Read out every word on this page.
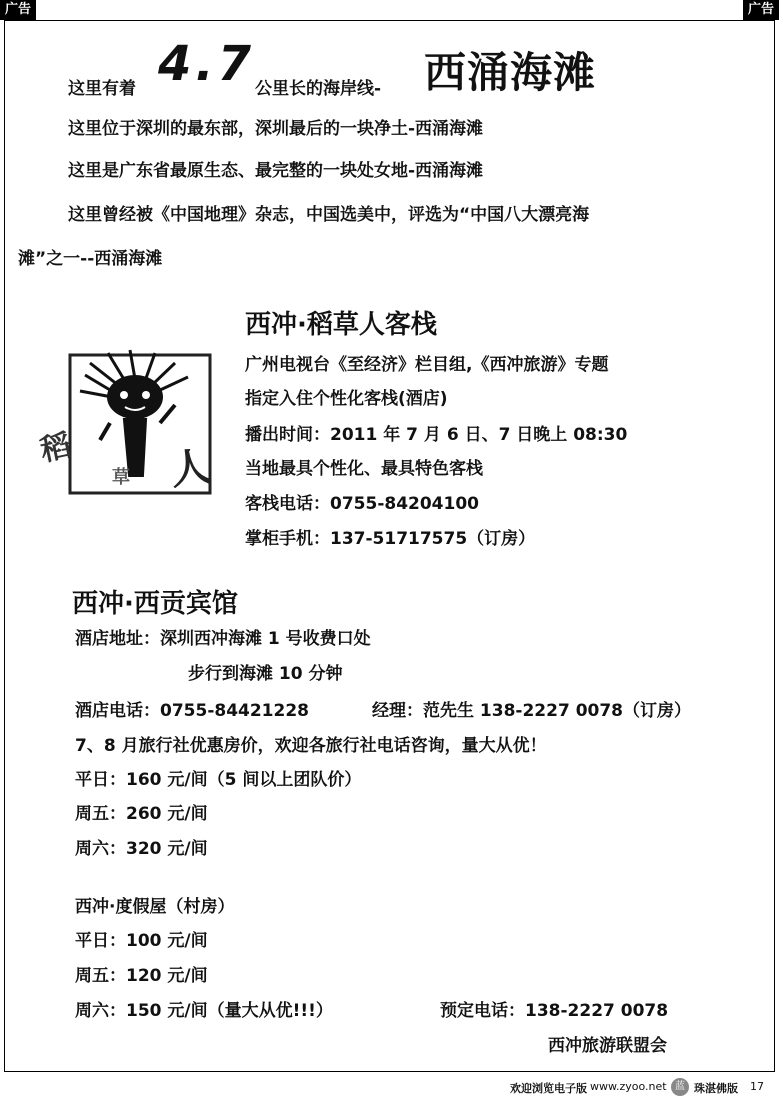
广告	广告
这里有着 4.7 公里长的海岸线- 西涌海滩
这里位于深圳的最东部，深圳最后的一块净土-西涌海滩
这里是广东省最原生态、最完整的一块处女地-西涌海滩
这里曾经被《中国地理》杂志，中国选美中，评选为“中国八大漂亮海
滩”之一--西涌海滩
稻
草 人
西冲·稻草人客栈
广州电视台《至经济》栏目组,《西冲旅游》专题
指定入住个性化客栈(酒店)
播出时间：2011 年 7 月 6 日、7 日晚上 08:30
当地最具个性化、最具特色客栈
客栈电话：0755-84204100
掌柜手机：137-51717575（订房）
西冲·西贡宾馆
酒店地址：深圳西冲海滩 1 号收费口处
步行到海滩 10 分钟
酒店电话：0755-84421228	经理：范先生 138-2227 0078（订房）
7、8 月旅行社优惠房价，欢迎各旅行社电话咨询，量大从优！
平日：160 元/间（5 间以上团队价）
周五：260 元/间
周六：320 元/间
西冲·度假屋（村房）
平日：100 元/间
周五：120 元/间
周六：150 元/间（量大从优!!!）	预定电话：138-2227 0078
西冲旅游联盟会
欢迎浏览电子版 www.zyoo.net 蓝 珠湛佛版 17
